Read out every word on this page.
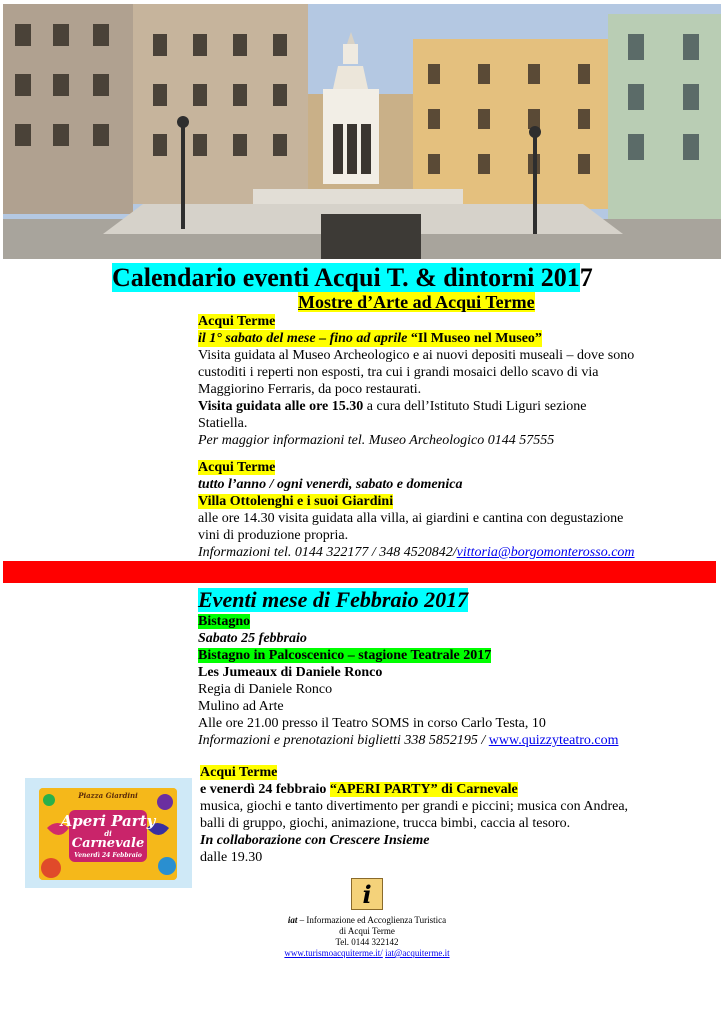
Calendario eventi Acqui T. & dintorni 2017
Mostre d’Arte ad Acqui Terme

Acqui Terme

il 1° sabato del mese – fino ad aprile “Il Museo nel Museo”

Visita guidata al Museo Archeologico e ai nuovi depositi museali – dove sono

custoditi i reperti non esposti, tra cui i grandi mosaici dello scavo di via

Maggiorino Ferraris, da poco restaurati.

Visita guidata alle ore 15.30 a cura dell’Istituto Studi Liguri sezione

Statiella.

Per maggior informazioni tel. Museo Archeologico 0144 57555

Acqui Terme

tutto l’anno / ogni venerdì, sabato e domenica

Villa Ottolenghi e i suoi Giardini

alle ore 14.30 visita guidata alla villa, ai giardini e cantina con degustazione

vini di produzione propria.

Informazioni tel. 0144 322177 / 348 4520842/vittoria@borgomonterosso.com

Eventi mese di Febbraio 2017

Bistagno

Sabato 25 febbraio

Bistagno in Palcoscenico – stagione Teatrale 2017

Les Jumeaux di Daniele Ronco

Regia di Daniele Ronco

Mulino ad Arte

Alle ore 21.00 presso il Teatro SOMS in corso Carlo Testa, 10

Informazioni e prenotazioni biglietti 338 5852195 / www.quizzyteatro.com

Piazza Giardini
Aperi Party
di
Carnevale
Venerdì 24 Febbraio

Acqui Terme

e venerdì 24 febbraio “APERI PARTY” di Carnevale

musica, giochi e tanto divertimento per grandi e piccini; musica con Andrea,

balli di gruppo, giochi, animazione, trucca bimbi, caccia al tesoro.

In collaborazione con Crescere Insieme

dalle 19.30

i

iat – Informazione ed Accoglienza Turistica

di Acqui Terme

Tel. 0144 322142

www.turismoacquiterme.it/ iat@acquiterme.it
